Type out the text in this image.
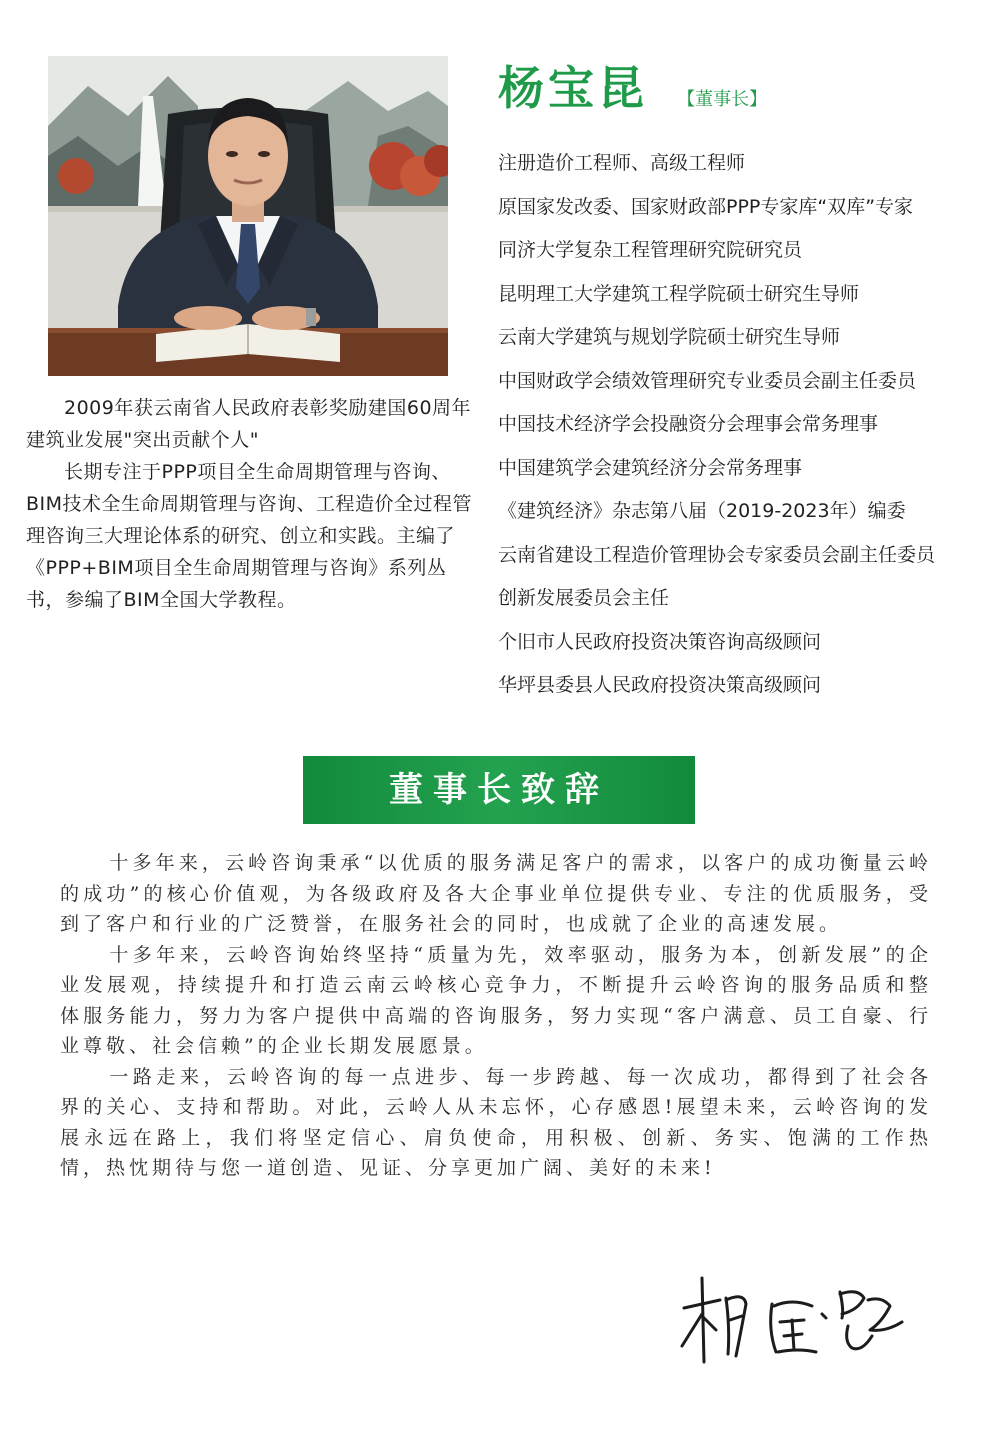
2009年获云南省人民政府表彰奖励建国60周年建筑业发展"突出贡献个人"

长期专注于PPP项目全生命周期管理与咨询、BIM技术全生命周期管理与咨询、工程造价全过程管理咨询三大理论体系的研究、创立和实践。主编了《PPP+BIM项目全生命周期管理与咨询》系列丛书，参编了BIM全国大学教程。

杨宝昆 【董事长】
注册造价工程师、高级工程师
原国家发改委、国家财政部PPP专家库“双库”专家
同济大学复杂工程管理研究院研究员
昆明理工大学建筑工程学院硕士研究生导师
云南大学建筑与规划学院硕士研究生导师
中国财政学会绩效管理研究专业委员会副主任委员
中国技术经济学会投融资分会理事会常务理事
中国建筑学会建筑经济分会常务理事
《建筑经济》杂志第八届（2019-2023年）编委
云南省建设工程造价管理协会专家委员会副主任委员
创新发展委员会主任
个旧市人民政府投资决策咨询高级顾问
华坪县委县人民政府投资决策高级顾问
董事长致辞

十多年来，云岭咨询秉承“以优质的服务满足客户的需求，以客户的成功衡量云岭的成功”的核心价值观，为各级政府及各大企事业单位提供专业、专注的优质服务，受到了客户和行业的广泛赞誉，在服务社会的同时，也成就了企业的高速发展。

十多年来，云岭咨询始终坚持“质量为先，效率驱动，服务为本，创新发展”的企业发展观，持续提升和打造云南云岭核心竞争力，不断提升云岭咨询的服务品质和整体服务能力，努力为客户提供中高端的咨询服务，努力实现“客户满意、员工自豪、行业尊敬、社会信赖”的企业长期发展愿景。

一路走来，云岭咨询的每一点进步、每一步跨越、每一次成功，都得到了社会各界的关心、支持和帮助。对此，云岭人从未忘怀，心存感恩!展望未来，云岭咨询的发展永远在路上，我们将坚定信心、肩负使命，用积极、创新、务实、饱满的工作热情，热忱期待与您一道创造、见证、分享更加广阔、美好的未来!
